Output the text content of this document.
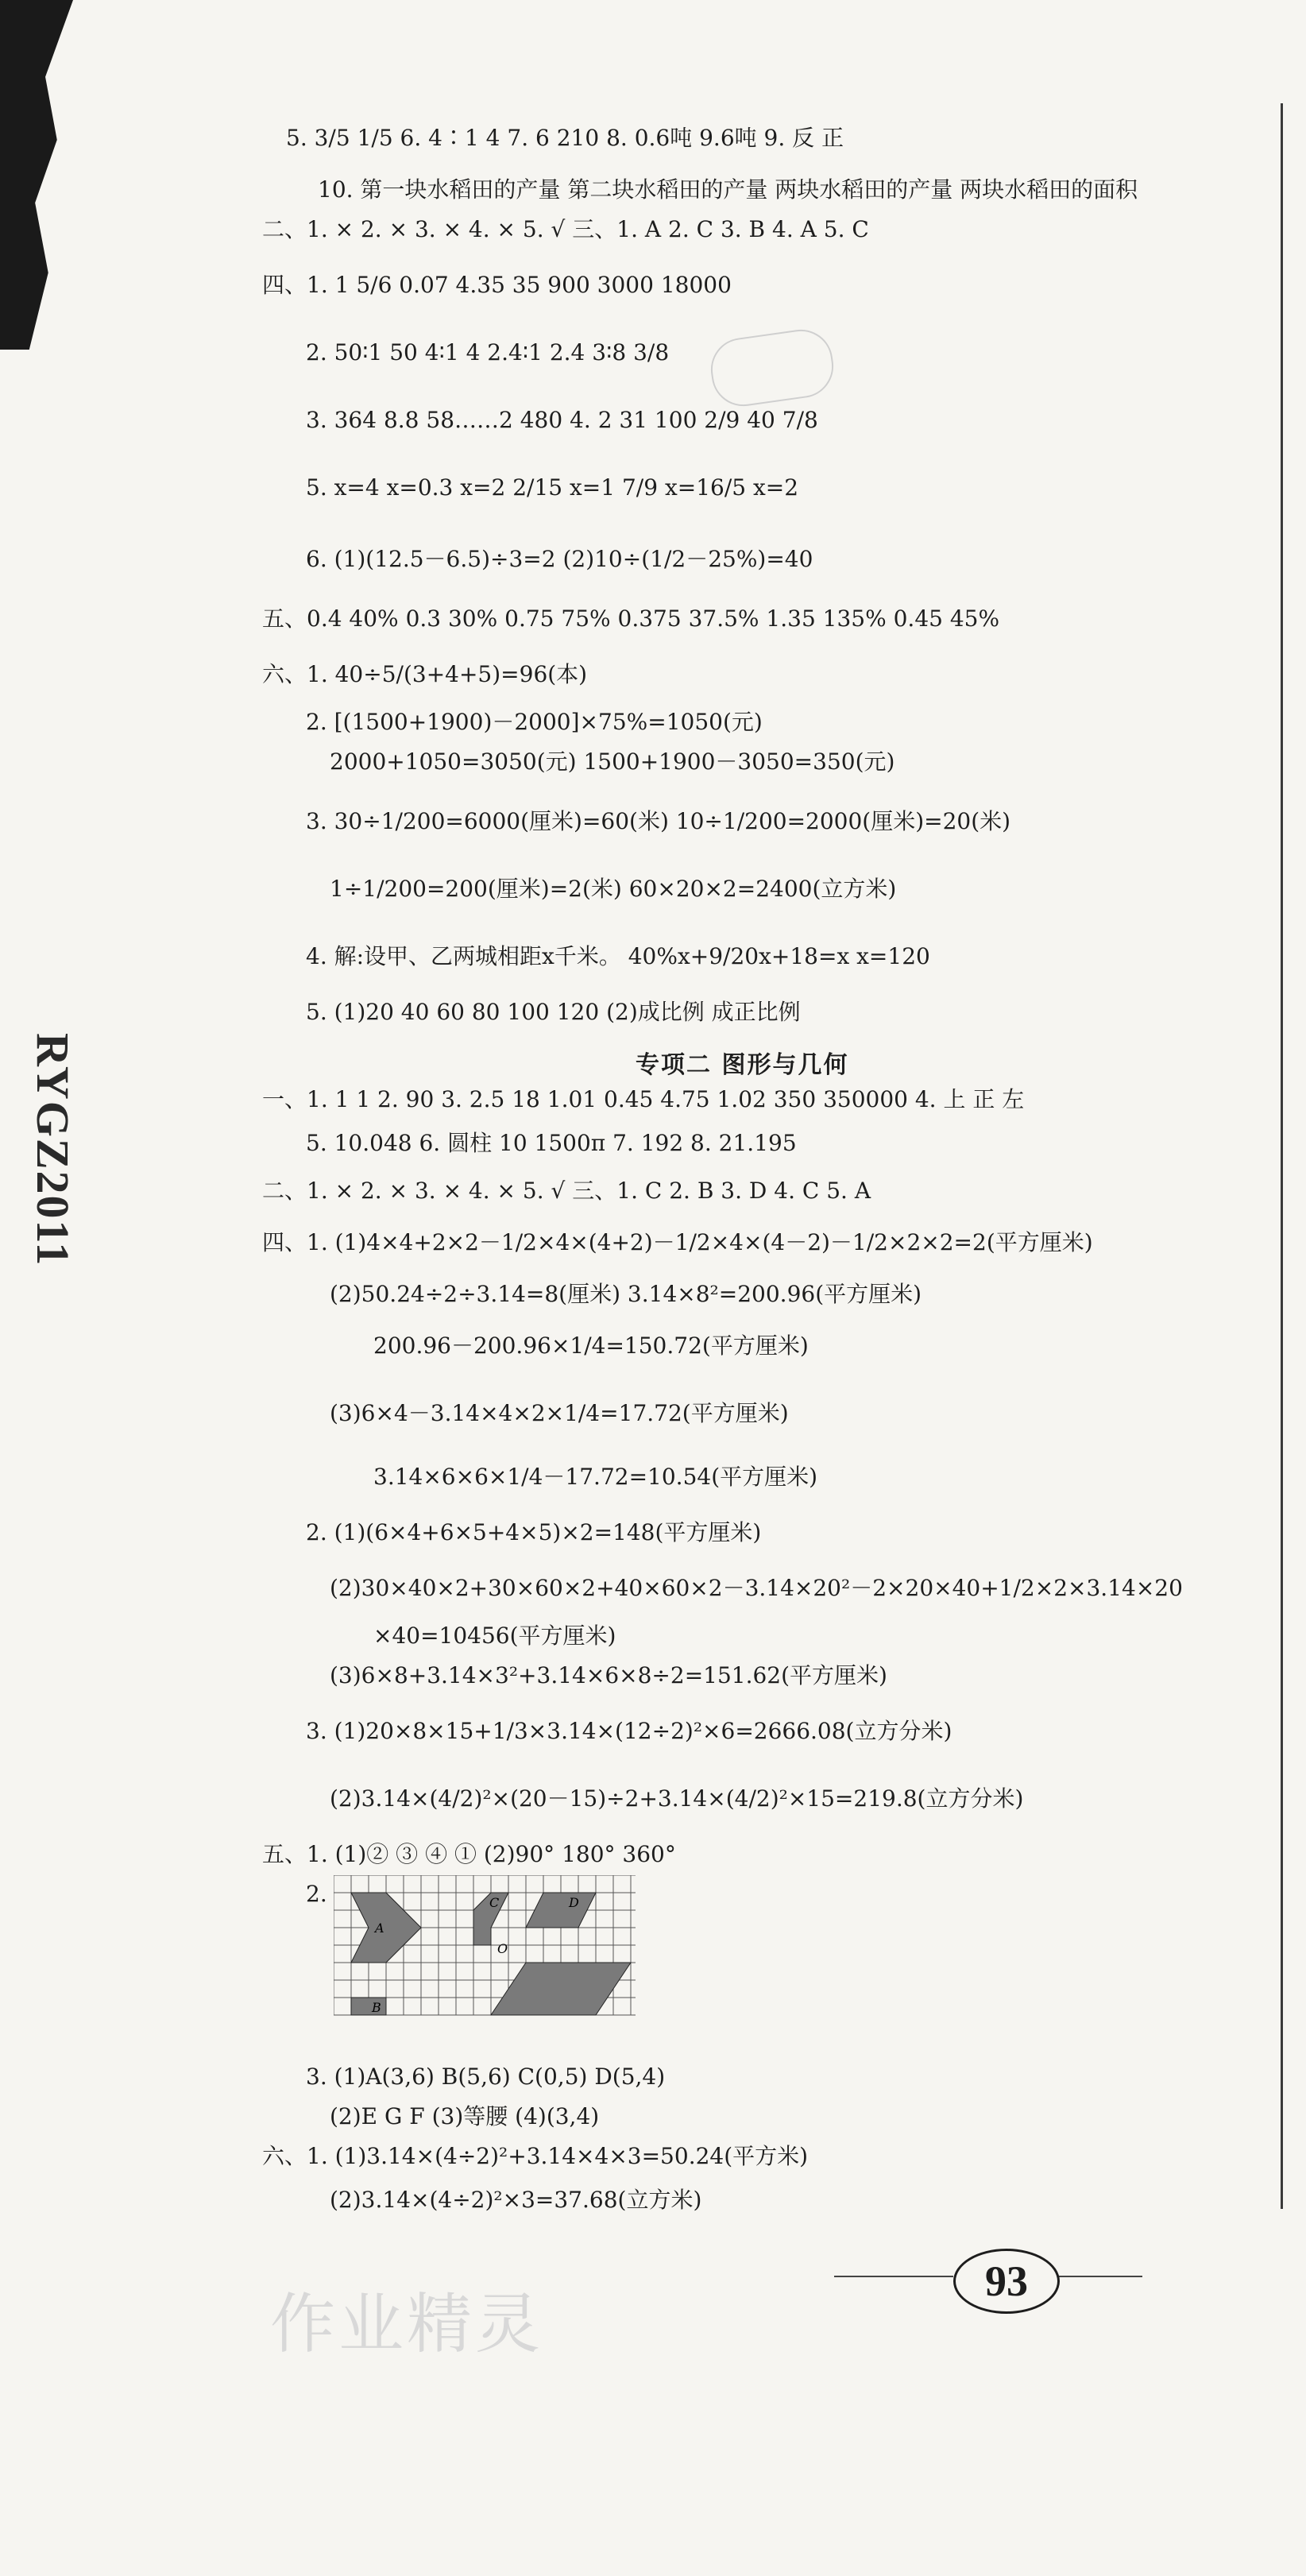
RYGZ2011
5. 3/5 1/5 6. 4∶1 4 7. 6 210 8. 0.6吨 9.6吨 9. 反 正
10. 第一块水稻田的产量 第二块水稻田的产量 两块水稻田的产量 两块水稻田的面积
二、1. × 2. × 3. × 4. × 5. √ 三、1. A 2. C 3. B 4. A 5. C
四、1. 1 5/6 0.07 4.35 35 900 3000 18000
2. 50∶1 50 4∶1 4 2.4∶1 2.4 3∶8 3/8
3. 364 8.8 58……2 480 4. 2 31 100 2/9 40 7/8
5. x=4 x=0.3 x=2 2/15 x=1 7/9 x=16/5 x=2
6. (1)(12.5－6.5)÷3=2 (2)10÷(1/2－25%)=40
五、0.4 40% 0.3 30% 0.75 75% 0.375 37.5% 1.35 135% 0.45 45%
六、1. 40÷5/(3+4+5)=96(本)
2. [(1500+1900)－2000]×75%=1050(元)
2000+1050=3050(元) 1500+1900－3050=350(元)
3. 30÷1/200=6000(厘米)=60(米) 10÷1/200=2000(厘米)=20(米)
1÷1/200=200(厘米)=2(米) 60×20×2=2400(立方米)
4. 解:设甲、乙两城相距x千米。 40%x+9/20x+18=x x=120
5. (1)20 40 60 80 100 120 (2)成比例 成正比例
专项二 图形与几何
一、1. 1 1 2. 90 3. 2.5 18 1.01 0.45 4.75 1.02 350 350000 4. 上 正 左
5. 10.048 6. 圆柱 10 1500π 7. 192 8. 21.195
二、1. × 2. × 3. × 4. × 5. √ 三、1. C 2. B 3. D 4. C 5. A
四、1. (1)4×4+2×2－1/2×4×(4+2)－1/2×4×(4－2)－1/2×2×2=2(平方厘米)
(2)50.24÷2÷3.14=8(厘米) 3.14×8²=200.96(平方厘米)
200.96－200.96×1/4=150.72(平方厘米)
(3)6×4－3.14×4×2×1/4=17.72(平方厘米)
3.14×6×6×1/4－17.72=10.54(平方厘米)
2. (1)(6×4+6×5+4×5)×2=148(平方厘米)
(2)30×40×2+30×60×2+40×60×2－3.14×20²－2×20×40+1/2×2×3.14×20
×40=10456(平方厘米)
(3)6×8+3.14×3²+3.14×6×8÷2=151.62(平方厘米)
3. (1)20×8×15+1/3×3.14×(12÷2)²×6=2666.08(立方分米)
(2)3.14×(4/2)²×(20－15)÷2+3.14×(4/2)²×15=219.8(立方分米)
五、1. (1)② ③ ④ ① (2)90° 180° 360°
2.
A
B
C	D
O
3. (1)A(3,6) B(5,6) C(0,5) D(5,4)
(2)E G F (3)等腰 (4)(3,4)
六、1. (1)3.14×(4÷2)²+3.14×4×3=50.24(平方米)
(2)3.14×(4÷2)²×3=37.68(立方米)
作业精灵
93
